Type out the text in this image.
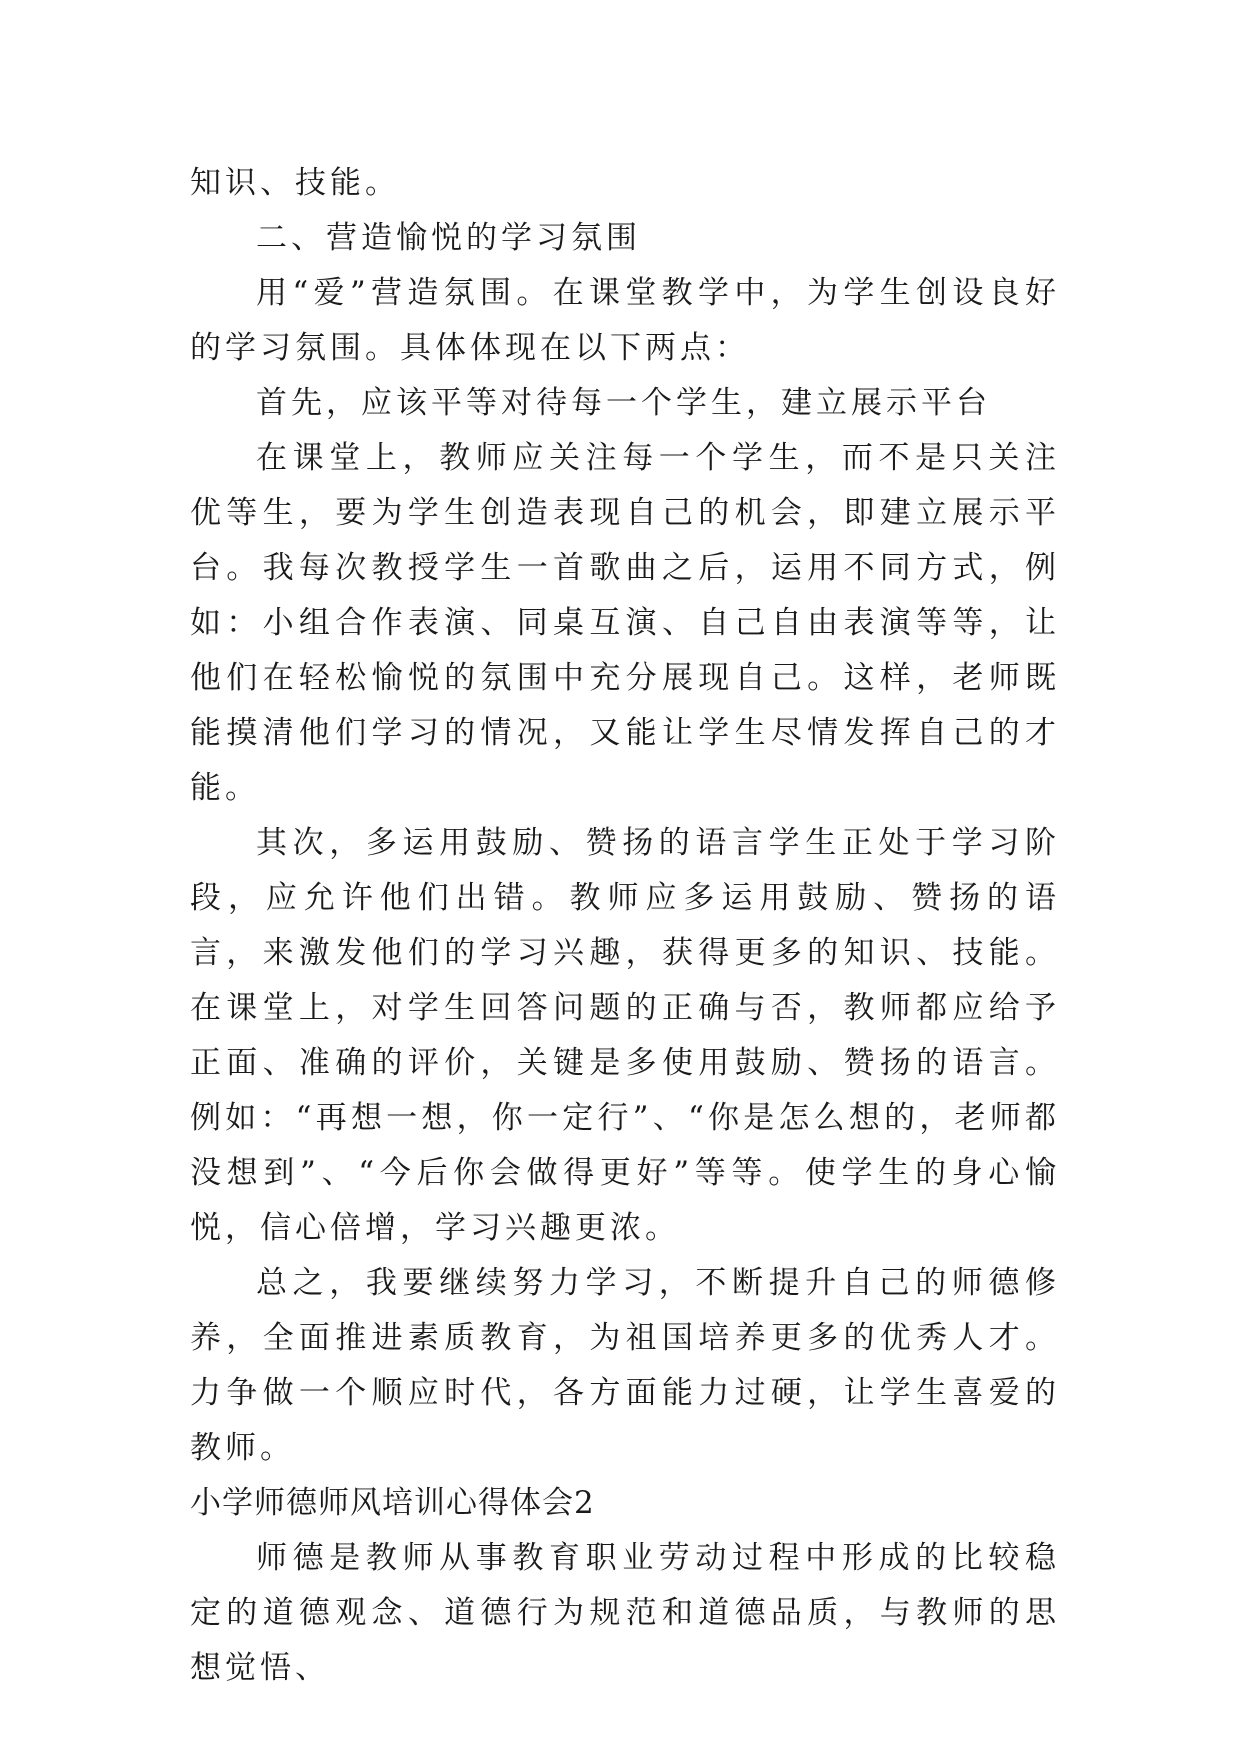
知识、技能。

二、营造愉悦的学习氛围

用“爱”营造氛围。在课堂教学中，为学生创设良好的学习氛围。具体体现在以下两点：

首先，应该平等对待每一个学生，建立展示平台

在课堂上，教师应关注每一个学生，而不是只关注优等生，要为学生创造表现自己的机会，即建立展示平台。我每次教授学生一首歌曲之后，运用不同方式，例如：小组合作表演、同桌互演、自己自由表演等等，让他们在轻松愉悦的氛围中充分展现自己。这样，老师既能摸清他们学习的情况，又能让学生尽情发挥自己的才能。

其次，多运用鼓励、赞扬的语言学生正处于学习阶段，应允许他们出错。教师应多运用鼓励、赞扬的语言，来激发他们的学习兴趣，获得更多的知识、技能。在课堂上，对学生回答问题的正确与否，教师都应给予正面、准确的评价，关键是多使用鼓励、赞扬的语言。例如：“再想一想，你一定行”、“你是怎么想的，老师都没想到”、“今后你会做得更好”等等。使学生的身心愉悦，信心倍增，学习兴趣更浓。

总之，我要继续努力学习，不断提升自己的师德修养，全面推进素质教育，为祖国培养更多的优秀人才。力争做一个顺应时代，各方面能力过硬，让学生喜爱的教师。

小学师德师风培训心得体会2

师德是教师从事教育职业劳动过程中形成的比较稳定的道德观念、道德行为规范和道德品质，与教师的思想觉悟、
